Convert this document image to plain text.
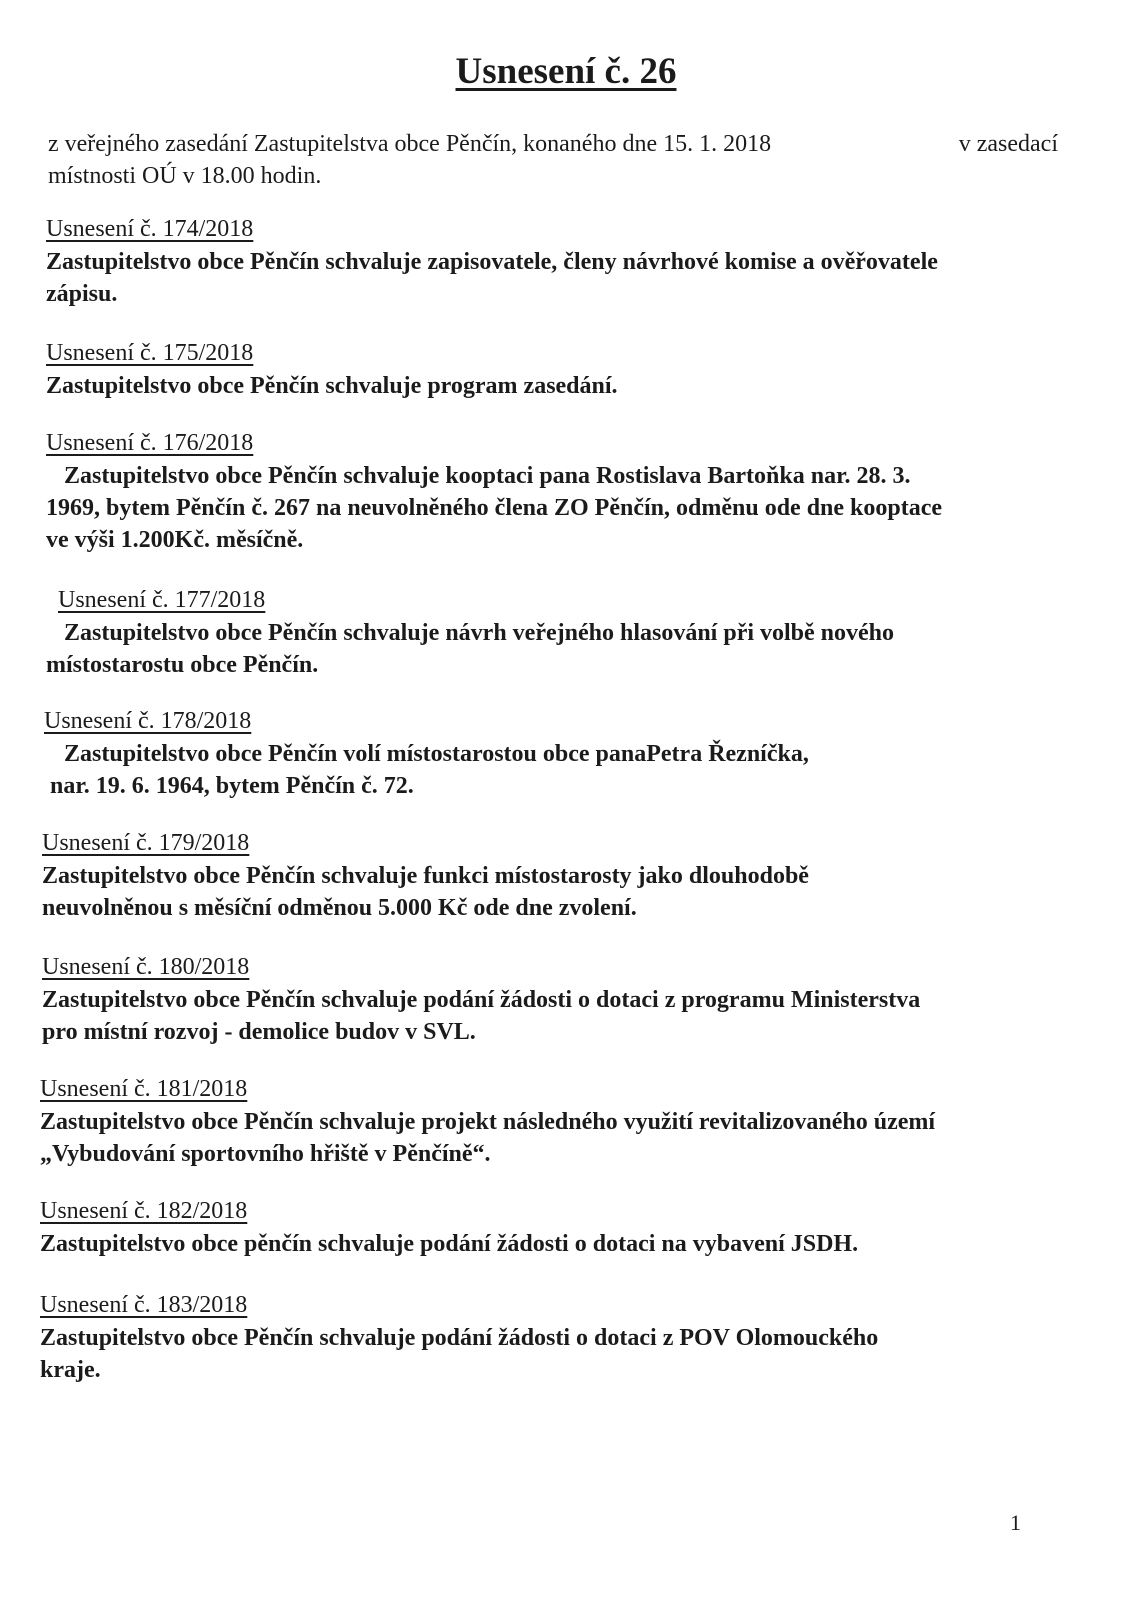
Usnesení č. 26
z veřejného zasedání Zastupitelstva obce Pěnčín, konaného dne 15. 1. 2018	v zasedací
místnosti OÚ v 18.00 hodin.
Usnesení č. 174/2018
Zastupitelstvo obce Pěnčín schvaluje zapisovatele, členy návrhové komise a ověřovatele
zápisu.
Usnesení č. 175/2018
Zastupitelstvo obce Pěnčín schvaluje program zasedání.
Usnesení č. 176/2018
Zastupitelstvo obce Pěnčín schvaluje kooptaci pana Rostislava Bartoňka nar. 28. 3.
1969, bytem Pěnčín č. 267 na neuvolněného člena ZO Pěnčín, odměnu ode dne kooptace
ve výši 1.200Kč. měsíčně.
Usnesení č. 177/2018
Zastupitelstvo obce Pěnčín schvaluje návrh veřejného hlasování při volbě nového
místostarostu obce Pěnčín.
Usnesení č. 178/2018
Zastupitelstvo obce Pěnčín volí místostarostou obce panaPetra Řezníčka,
nar. 19. 6. 1964, bytem Pěnčín č. 72.
Usnesení č. 179/2018
Zastupitelstvo obce Pěnčín schvaluje funkci místostarosty jako dlouhodobě
neuvolněnou s měsíční odměnou 5.000 Kč ode dne zvolení.
Usnesení č. 180/2018
Zastupitelstvo obce Pěnčín schvaluje podání žádosti o dotaci z programu Ministerstva
pro místní rozvoj - demolice budov v SVL.
Usnesení č. 181/2018
Zastupitelstvo obce Pěnčín schvaluje projekt následného využití revitalizovaného území
„Vybudování sportovního hřiště v Pěnčíně“.
Usnesení č. 182/2018
Zastupitelstvo obce pěnčín schvaluje podání žádosti o dotaci na vybavení JSDH.
Usnesení č. 183/2018
Zastupitelstvo obce Pěnčín schvaluje podání žádosti o dotaci z POV Olomouckého
kraje.
1
